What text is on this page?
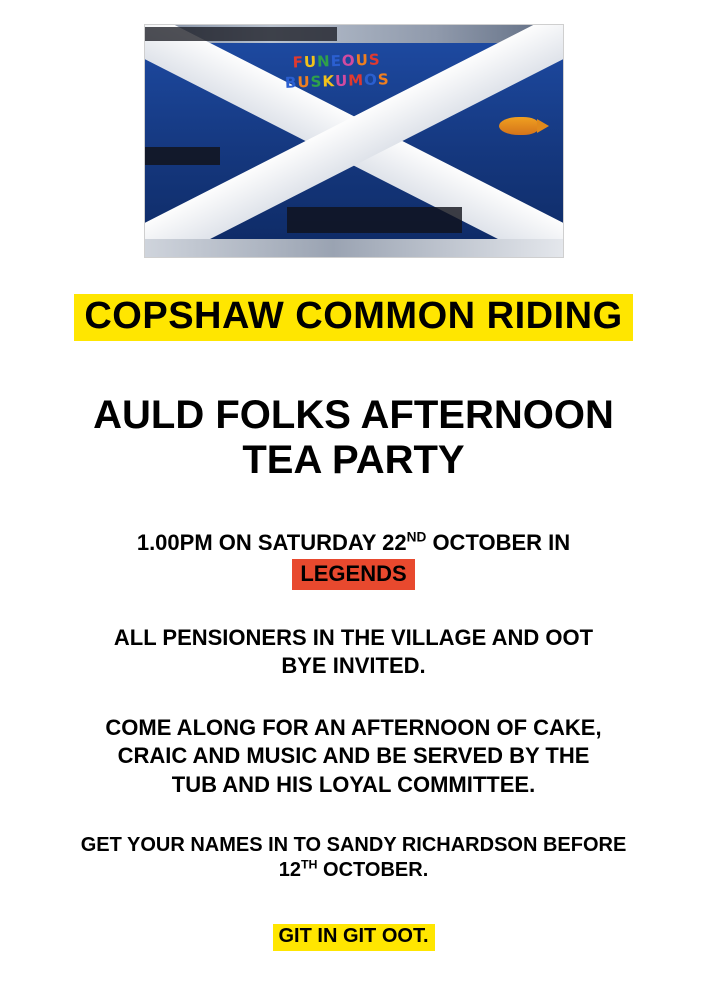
FUNEOUS
BUSKUMOS
COPSHAW COMMON RIDING
AULD FOLKS AFTERNOON
TEA PARTY
1.00PM ON SATURDAY 22ND OCTOBER IN
LEGENDS
ALL PENSIONERS IN THE VILLAGE AND OOT
BYE INVITED.
COME ALONG FOR AN AFTERNOON OF CAKE,
CRAIC AND MUSIC AND BE SERVED BY THE
TUB AND HIS LOYAL COMMITTEE.
GET YOUR NAMES IN TO SANDY RICHARDSON BEFORE
12TH OCTOBER.
GIT IN GIT OOT.
